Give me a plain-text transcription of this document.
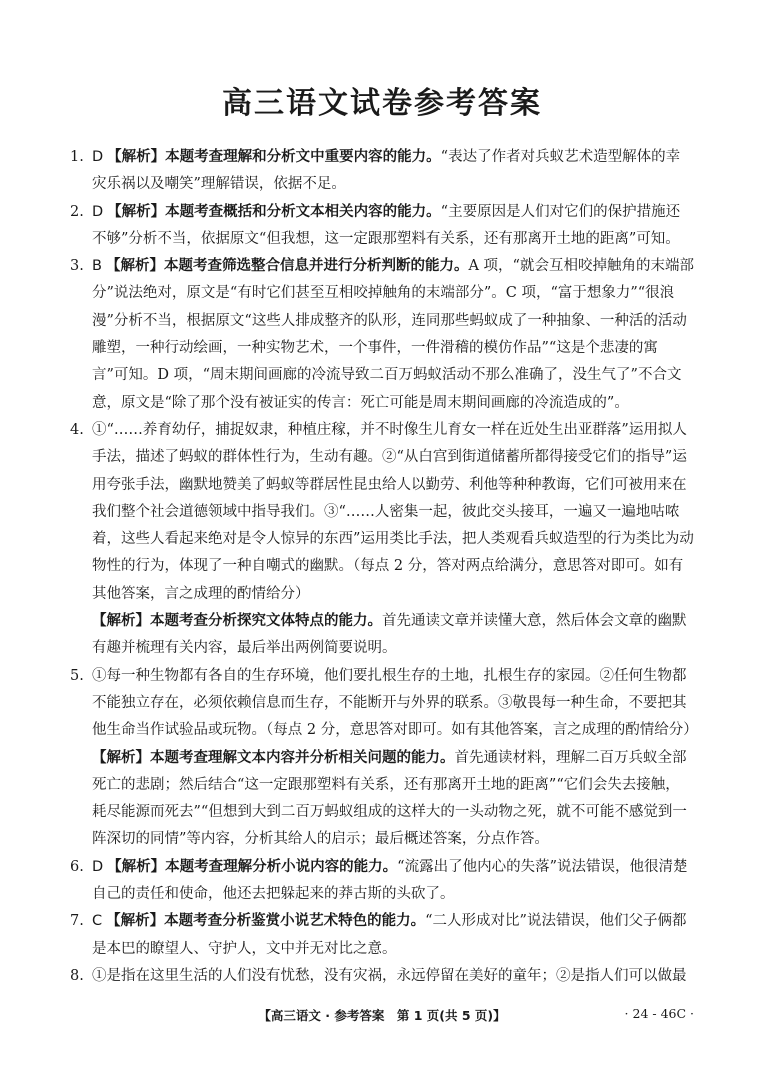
高三语文试卷参考答案
1. D 【解析】本题考查理解和分析文中重要内容的能力。“表达了作者对兵蚁艺术造型解体的幸灾乐祸以及嘲笑”理解错误，依据不足。
2. D 【解析】本题考查概括和分析文本相关内容的能力。“主要原因是人们对它们的保护措施还不够”分析不当，依据原文“但我想，这一定跟那塑料有关系，还有那离开土地的距离”可知。
3. B 【解析】本题考查筛选整合信息并进行分析判断的能力。A 项，“就会互相咬掉触角的末端部分”说法绝对，原文是“有时它们甚至互相咬掉触角的末端部分”。C 项，“富于想象力”“很浪漫”分析不当，根据原文“这些人排成整齐的队形，连同那些蚂蚁成了一种抽象、一种活的活动雕塑，一种行动绘画，一种实物艺术，一个事件，一件滑稽的模仿作品”“这是个悲凄的寓言”可知。D 项，“周末期间画廊的冷流导致二百万蚂蚁活动不那么准确了，没生气了”不合文意，原文是“除了那个没有被证实的传言：死亡可能是周末期间画廊的冷流造成的”。
4. ①“……养育幼仔，捕捉奴隶，种植庄稼，并不时像生儿育女一样在近处生出亚群落”运用拟人手法，描述了蚂蚁的群体性行为，生动有趣。②“从白宫到街道储蓄所都得接受它们的指导”运用夸张手法，幽默地赞美了蚂蚁等群居性昆虫给人以勤劳、利他等种种教诲，它们可被用来在我们整个社会道德领域中指导我们。③“……人密集一起，彼此交头接耳，一遍又一遍地咕哝着，这些人看起来绝对是令人惊异的东西”运用类比手法，把人类观看兵蚁造型的行为类比为动物性的行为，体现了一种自嘲式的幽默。（每点 2 分，答对两点给满分，意思答对即可。如有其他答案，言之成理的酌情给分）
【解析】本题考查分析探究文体特点的能力。首先通读文章并读懂大意，然后体会文章的幽默有趣并梳理有关内容，最后举出两例简要说明。
5. ①每一种生物都有各自的生存环境，他们要扎根生存的土地，扎根生存的家园。②任何生物都不能独立存在，必须依赖信息而生存，不能断开与外界的联系。③敬畏每一种生命，不要把其他生命当作试验品或玩物。（每点 2 分，意思答对即可。如有其他答案，言之成理的酌情给分）
【解析】本题考查理解文本内容并分析相关问题的能力。首先通读材料，理解二百万兵蚁全部死亡的悲剧；然后结合“这一定跟那塑料有关系，还有那离开土地的距离”“它们会失去接触，耗尽能源而死去”“但想到大到二百万蚂蚁组成的这样大的一头动物之死，就不可能不感觉到一阵深切的同情”等内容，分析其给人的启示；最后概述答案，分点作答。
6. D 【解析】本题考查理解分析小说内容的能力。“流露出了他内心的失落”说法错误，他很清楚自己的责任和使命，他还去把躲起来的莽古斯的头砍了。
7. C 【解析】本题考查分析鉴赏小说艺术特色的能力。“二人形成对比”说法错误，他们父子俩都是本巴的瞭望人、守护人，文中并无对比之意。
8. ①是指在这里生活的人们没有忧愁，没有灾祸，永远停留在美好的童年；②是指人们可以做最
【高三语文 · 参考答案　第 1 页(共 5 页)】	· 24 - 46C ·
